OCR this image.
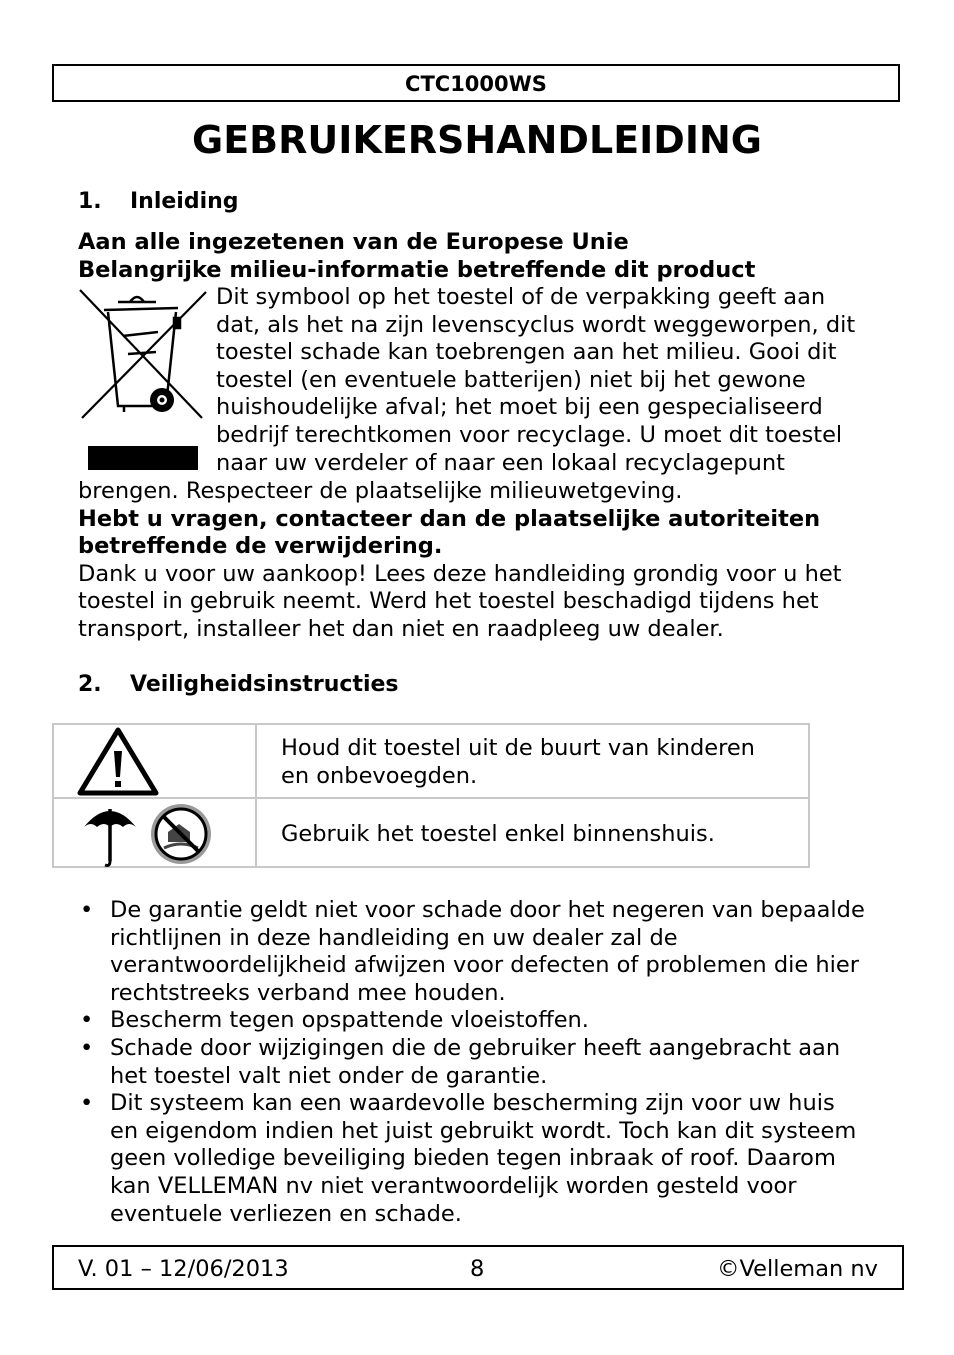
CTC1000WS
GEBRUIKERSHANDLEIDING
1. Inleiding
Aan alle ingezetenen van de Europese Unie
Belangrijke milieu-informatie betreffende dit product
Dit symbool op het toestel of de verpakking geeft aan
dat, als het na zijn levenscyclus wordt weggeworpen, dit
toestel schade kan toebrengen aan het milieu. Gooi dit
toestel (en eventuele batterijen) niet bij het gewone
huishoudelijke afval; het moet bij een gespecialiseerd
bedrijf terechtkomen voor recyclage. U moet dit toestel
naar uw verdeler of naar een lokaal recyclagepunt
brengen. Respecteer de plaatselijke milieuwetgeving.
Hebt u vragen, contacteer dan de plaatselijke autoriteiten
betreffende de verwijdering.
Dank u voor uw aankoop! Lees deze handleiding grondig voor u het
toestel in gebruik neemt. Werd het toestel beschadigd tijdens het
transport, installeer het dan niet en raadpleeg uw dealer.
2. Veiligheidsinstructies
Houd dit toestel uit de buurt van kinderen
en onbevoegden.
Gebruik het toestel enkel binnenshuis.
• De garantie geldt niet voor schade door het negeren van bepaalde
richtlijnen in deze handleiding en uw dealer zal de
verantwoordelijkheid afwijzen voor defecten of problemen die hier
rechtstreeks verband mee houden.
• Bescherm tegen opspattende vloeistoffen.
• Schade door wijzigingen die de gebruiker heeft aangebracht aan
het toestel valt niet onder de garantie.
• Dit systeem kan een waardevolle bescherming zijn voor uw huis
en eigendom indien het juist gebruikt wordt. Toch kan dit systeem
geen volledige beveiliging bieden tegen inbraak of roof. Daarom
kan VELLEMAN nv niet verantwoordelijk worden gesteld voor
eventuele verliezen en schade.
V. 01 – 12/06/2013	8	©Velleman nv
